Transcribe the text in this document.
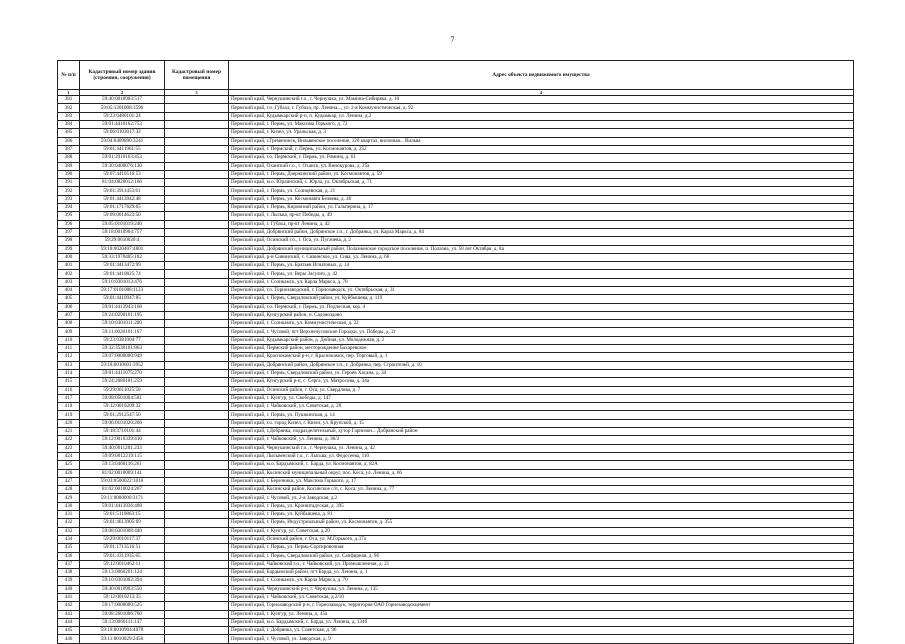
7
№ п/п	Кадастровый номер здания (строения, сооружения)	Кадастровый номер помещения	Адрес объекта недвижимого имущества
1	2	3	4
381	59:40:0010903:517		Пермский край, Чернушинский г.о., г. Чернушка, ул. Мамина-Сибиряка, д. 10
382	59:05:1201008:3596		Пермский край, г.о. Губаха, г. Губаха, пр. Ленина..., ул. 2-я Коммунистическая, д. 92
383	59:23:0480101:24		Пермский край, Кудымкарский р-н, п. Кудымкар, ул. Ленина, д.2
384	59:01:4410162:753		Пермский край, г. Пермь, ул. Максима Горького, д. 72
385	59:06:0103017:32		Пермский край, г. Кизел, ул. Уральская, д. 3
386	59:04:0409890:3241		Пермский край, г.Гремячинск, Вильвенское поселение, 120 квартал, вилочная... Вильва
387	59:01:4411961:55		Пермский край, г. Пермский, г. Пермь, ул. Космонавтов, д. 252
388	59:01:2910163:453		Пермский край, г.о. Пермский, г. Пермь, ул. Ромина, д. 61
389	59:30:0400076:130		Пермский край, Оханский г.о., г. Оханск, ул. Винокурова, д. 25а
390	59:07:4410516:53		Пермский край, г. Пермь, Дзержинский район, ул. Космонавтов, д. 59
391	81:04:0820012:166		Пермский край, м.о. Юрлинский, с. Юрла, ул. Октябрьская, д. 71
392	59:01:3911453:61		Пермский край, г. Пермь, ул. Солнцевская, д. 21
393	59:01:4413942:48		Пермский край, г. Пермь, ул. Космонавта Беляева, д. 40
394	59:01:1717629:65		Пермский край, г. Пермь, Кировский район, ул. Гальперина, д. 17
395	59:09:0014623:50		Пермский край, г. Лысьва, пр-кт Победы, д. 49
396	59:05:0101019:240		Пермский край, г. Губаха, пр-кт Ленина, д. 42
397	59:18:0010904:757		Пермский край, Добрянский район, Добрянское г.п., г. Добрянка, ул. Карла Маркса, д. 84
398	59:29:0610020:4		Пермский край, Осинский г.о., г. Оса, ул. Пугачева, д. 2
399	59:18:0020407:4801		Пермский край, Добрянский муниципальный район, Полазненское городское поселение, п. Полазна, ул. 50 лет Октября, д. 8а
400	59:33:1970405:182		Пермский край, р-н Сивинский, с. Сивинское, ул. Сива, ул. Ленина, д. 66
401	59:01:4413472:99		Пермский край, г. Пермь, ул. Братьев Игнатовых, д. 14
402	59:01:4410825:74		Пермский край, г. Пермь, ул. Веры Засулич, д. 42
403	59:10:0301013:476		Пермский край, г. Соликамск, ул. Карла Маркса, д. 78
404	59:17:0101008:1123		Пермский край, г.о. Горнозаводский, г. Горнозаводск, ул. Октябрьская, д. 31
405	59:01:4410947:85		Пермский край, г. Пермь, Свердловский район, ул. Куйбышева, д. 119
406	59:01:4413943:168		Пермский край, г.о. Пермский, г. Пермь, ул. Подлесная, кор. 4
407	59:24:0290101:195		Пермский край, Кунгурский район, п. Садовоэдово
408	59:10:0301011:200		Пермский край, г. Соликамск, ул. Коммунистическая, д. 22
409	59:11:0020101:167		Пермский край, г. Чусовой, пгт Верхнечусовские Городки, ул. Победы, д. 2г
410	59:23:0381004:77		Пермский край, Кудымкарский район, д. Дойная, ул. Молодежная, д. 2
411	59:32:3530101:863		Пермский край, Пермский район, месторождение Бахаревское
412	59:07:0000000:949		Пермский край, Краснокамский р-н, г. Краснокамск, пер. Торговый, д. 1
413	59:18:0010601:3952		Пермский край, Добрянский район, Добрянское г.п., г. Добрянка, пер. Строителей, д. 10
414	59:01:4411075:270		Пермский край, г. Пермь, Свердловский район, ул. Героев Хасана, д. 34
415	59:24:2080101:259		Пермский край, Кунгурский р-н, с. Серга, ул. Матросова, д. 34а
416	59:29:0611025:50		Пермский край, Осинский район, г. Оса, ул. Свердлова, д. 7
417	59:08:0501004:581		Пермский край, г. Кунгур, ул. Свободы, д. 147
418	59:12:0010209:32		Пермский край, г. Чайковский, ул. Советская, д. 28
419	59:01:2912547:50		Пермский край, г. Пермь, ул. Пушкинская, д. 14
420	59:06:0101020:206		Пермский край, г.о. город Кизел, г. Кизел, ул. Крупской, д. 15
421	59:18:3710101:44		Пермский край, г.Добрянка, подразделительный, хутор Гарнизон... Добрянский район
422	59:12:0010339:410		Пермский край, г. Чайковский, ул. Ленина, д. 36/2
423	59:40:0011201:233		Пермский край, Чернушинский г.о., г. Чернушка, ул. Ленина, д. 42
424	59:09:0012219:115		Пермский край, Лысьвенский г.о., г. Лысьва, ул. Федосеева, 110
425	59:13:0460116:261		Пермский край, м.о. Бардымский, с. Барда, ул. Космонавтов, д. 82А
426	81:02:0010009:141		Пермский край, Косинский муниципальный округ, пос. Коса, ул. Ленина, д. 66
427	59:03:0500022:1018		Пермский край, г. Березники, ул. Максима Горького, д. 17
428	81:02:0010024:267		Пермский край, Косинский район, Косинское с/п, с. Коса, ул. Ленина, д. 77
429	59:11:0000000:3171		Пермский край, г. Чусовой, ул. 2-я Заводская, д.2
430	59:01:4413936:488		Пермский край, г. Пермь, ул. Кронштадтская, д. 395
431	59:01:5110863:15		Пермский край, г. Пермь, ул. Куйбышева, д. 81
432	59:01:4613905:69		Пермский край, г. Пермь, Индустриальный район, ул. Космонавтов, д. 355
433	59:08:0301008:440		Пермский край, г. Кунгур, ул. Советская, д.20
434	59:29:0010117:37		Пермский край, Осинский район, г. Оса, ул. М.Горького, д.37а
435	59:01:1713516:51		Пермский край, г. Пермь, ул. Пермь-Сортировочная
436	59:01:4311935:65		Пермский край, г. Пермь, Свердловский район, ул. Сапфирная, д. 9б
437	59:12:0010462:11		Пермский край, Чайковский г.о., г. Чайковский, ул. Промышленная, д. 21
438	59:13:0060201:124		Пермский край, Бардымский район, пгт Барда, ул. Ленина, д. 1
439	59:10:0301002:394		Пермский край, г. Соликамск, ул. Карла Маркса, д. 70
440	59:40:0010903:550		Пермский край, Чернушинский р-н, г. Чернушка, ул. Ленина, д. 135
441	59:12:0010213:35		Пермский край, г. Чайковский, ул. Советская, д.2/10
442	59:17:0000000:525		Пермский край, Горнозаводский р-н, г. Горнозаводск, территория ОАО Горнозаводскцемент
443	59:08:2601006:760		Пермский край, г. Кунгур, ул. Ленина, д. 45а
444	59:13:0060111:147		Пермский край, м.о. Бардымский, с. Барда, ул. Ленина, д. 134б
445	59:18:0010904:4078		Пермский край, г. Добрянка, ул. Советская, д. 96
446	59:11:0010029:2456		Пермский край, г. Чусовой, ул. Заводская, д. 9
